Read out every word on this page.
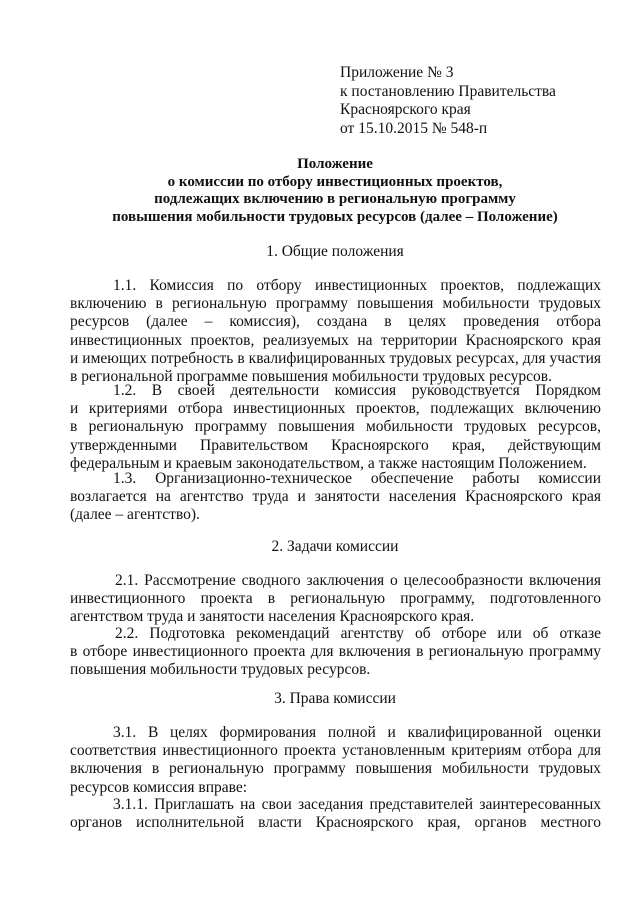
Приложение № 3
к постановлению Правительства
Красноярского края
от 15.10.2015 № 548-п
Положение
о комиссии по отбору инвестиционных проектов,
подлежащих включению в региональную программу
повышения мобильности трудовых ресурсов (далее – Положение)
1. Общие положения
1.1. Комиссия по отбору инвестиционных проектов, подлежащих
включению в региональную программу повышения мобильности трудовых
ресурсов (далее – комиссия), создана в целях проведения отбора
инвестиционных проектов, реализуемых на территории Красноярского края
и имеющих потребность в квалифицированных трудовых ресурсах, для участия
в региональной программе повышения мобильности трудовых ресурсов.
1.2. В своей деятельности комиссия руководствуется Порядком
и критериями отбора инвестиционных проектов, подлежащих включению
в региональную программу повышения мобильности трудовых ресурсов,
утвержденными Правительством Красноярского края, действующим
федеральным и краевым законодательством, а также настоящим Положением.
1.3. Организационно-техническое обеспечение работы комиссии
возлагается на агентство труда и занятости населения Красноярского края
(далее – агентство).
2. Задачи комиссии
2.1. Рассмотрение сводного заключения о целесообразности включения
инвестиционного проекта в региональную программу, подготовленного
агентством труда и занятости населения Красноярского края.
2.2. Подготовка рекомендаций агентству об отборе или об отказе
в отборе инвестиционного проекта для включения в региональную программу
повышения мобильности трудовых ресурсов.
3. Права комиссии
3.1. В целях формирования полной и квалифицированной оценки
соответствия инвестиционного проекта установленным критериям отбора для
включения в региональную программу повышения мобильности трудовых
ресурсов комиссия вправе:
3.1.1. Приглашать на свои заседания представителей заинтересованных
органов исполнительной власти Красноярского края, органов местного
